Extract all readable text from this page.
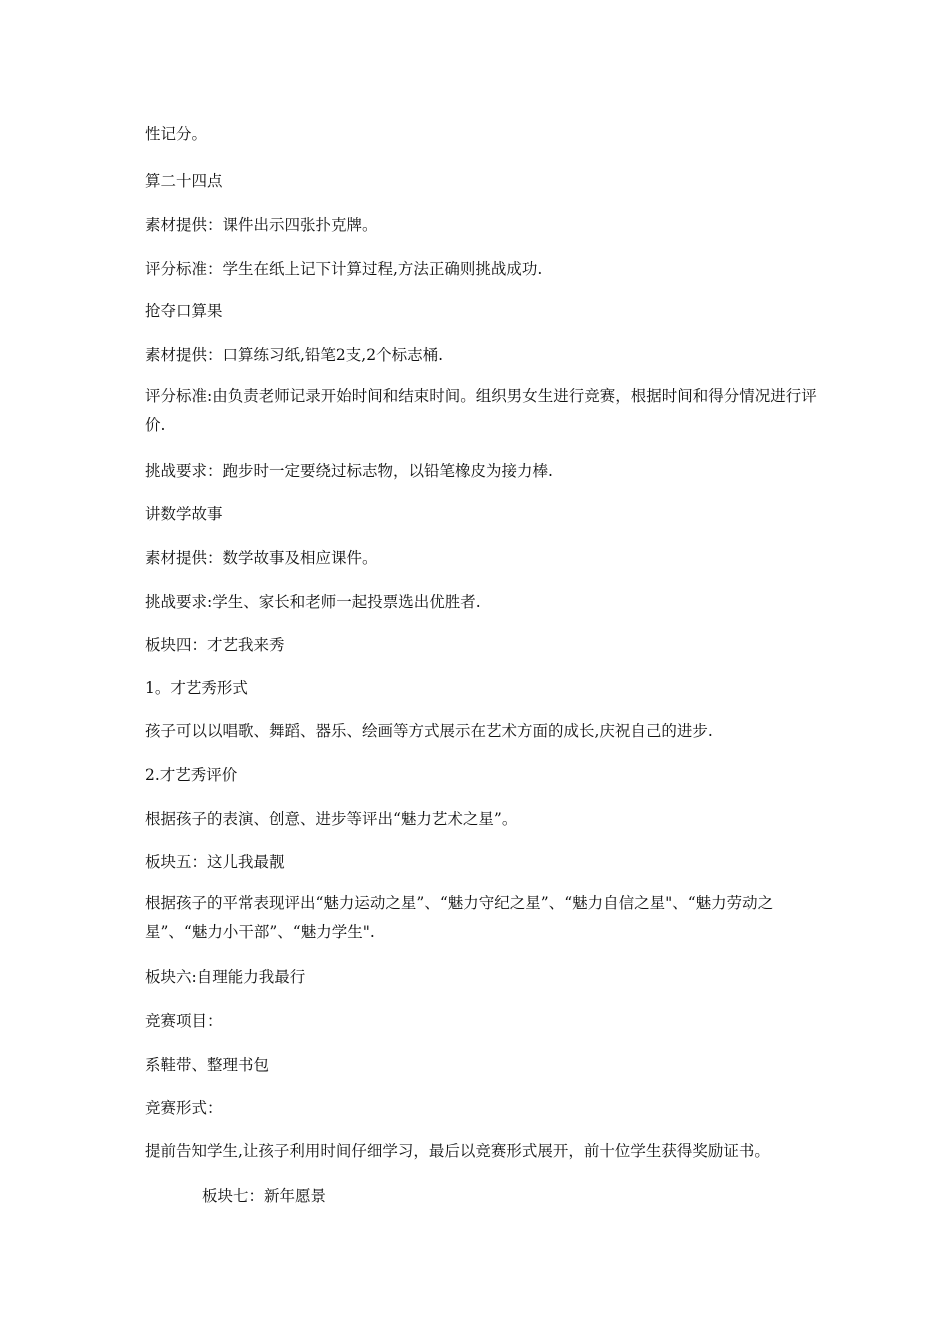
性记分。

算二十四点

素材提供：课件出示四张扑克牌。

评分标准：学生在纸上记下计算过程,方法正确则挑战成功.

抢夺口算果

素材提供：口算练习纸,铅笔2支,2个标志桶.

评分标准:由负责老师记录开始时间和结束时间。组织男女生进行竞赛，根据时间和得分情况进行评价.

挑战要求：跑步时一定要绕过标志物，以铅笔橡皮为接力棒.

讲数学故事

素材提供：数学故事及相应课件。

挑战要求:学生、家长和老师一起投票选出优胜者.

板块四：才艺我来秀

1。才艺秀形式

孩子可以以唱歌、舞蹈、器乐、绘画等方式展示在艺术方面的成长,庆祝自己的进步.

2.才艺秀评价

根据孩子的表演、创意、进步等评出“魅力艺术之星”。

板块五：这儿我最靓

根据孩子的平常表现评出“魅力运动之星”、“魅力守纪之星”、“魅力自信之星"、“魅力劳动之星”、“魅力小干部”、“魅力学生".

板块六:自理能力我最行

竞赛项目：

系鞋带、整理书包

竞赛形式：

提前告知学生,让孩子利用时间仔细学习，最后以竞赛形式展开，前十位学生获得奖励证书。

板块七：新年愿景
